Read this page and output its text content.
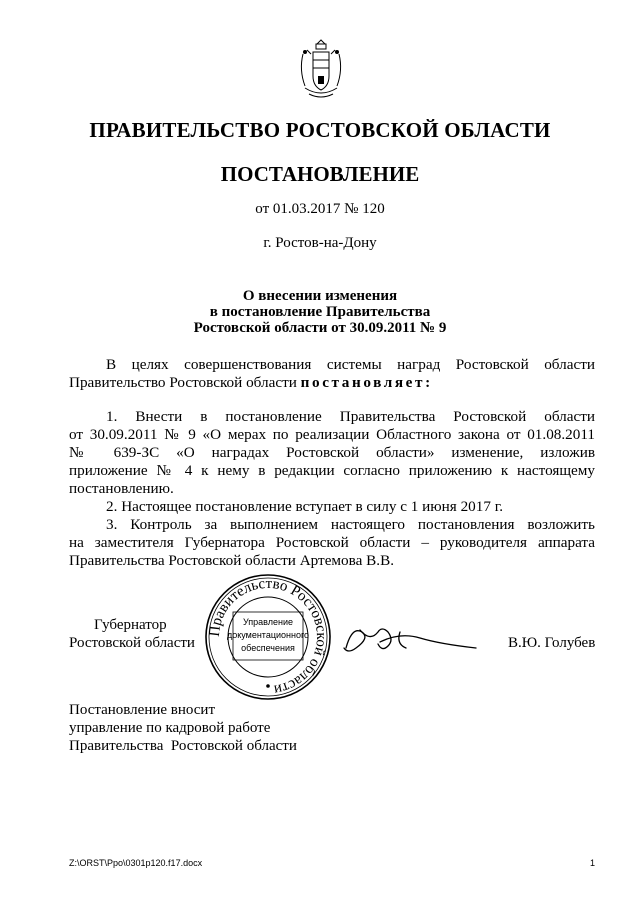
ПРАВИТЕЛЬСТВО РОСТОВСКОЙ ОБЛАСТИ
ПОСТАНОВЛЕНИЕ
от 01.03.2017 № 120
г. Ростов-на-Дону
О внесении изменения
в постановление Правительства
Ростовской области от 30.09.2011 № 9
В целях совершенствования системы наград Ростовской области
Правительство Ростовской области постановляет:
1. Внести в постановление Правительства Ростовской области
от 30.09.2011 № 9 «О мерах по реализации Областного закона от 01.08.2011
№ 639-ЗС «О наградах Ростовской области» изменение, изложив
приложение № 4 к нему в редакции согласно приложению к настоящему
постановлению.
2. Настоящее постановление вступает в силу с 1 июня 2017 г.
3. Контроль за выполнением настоящего постановления возложить
на заместителя Губернатора Ростовской области – руководителя аппарата
Правительства Ростовской области Артемова В.В.
Губернатор
Ростовской области
Правительство Ростовской области
Управление
документационного
обеспечения	В.Ю. Голубев
Постановление вносит
управление по кадровой работе
Правительства  Ростовской области
Z:\ORST\Ppo\0301p120.f17.docx	1
